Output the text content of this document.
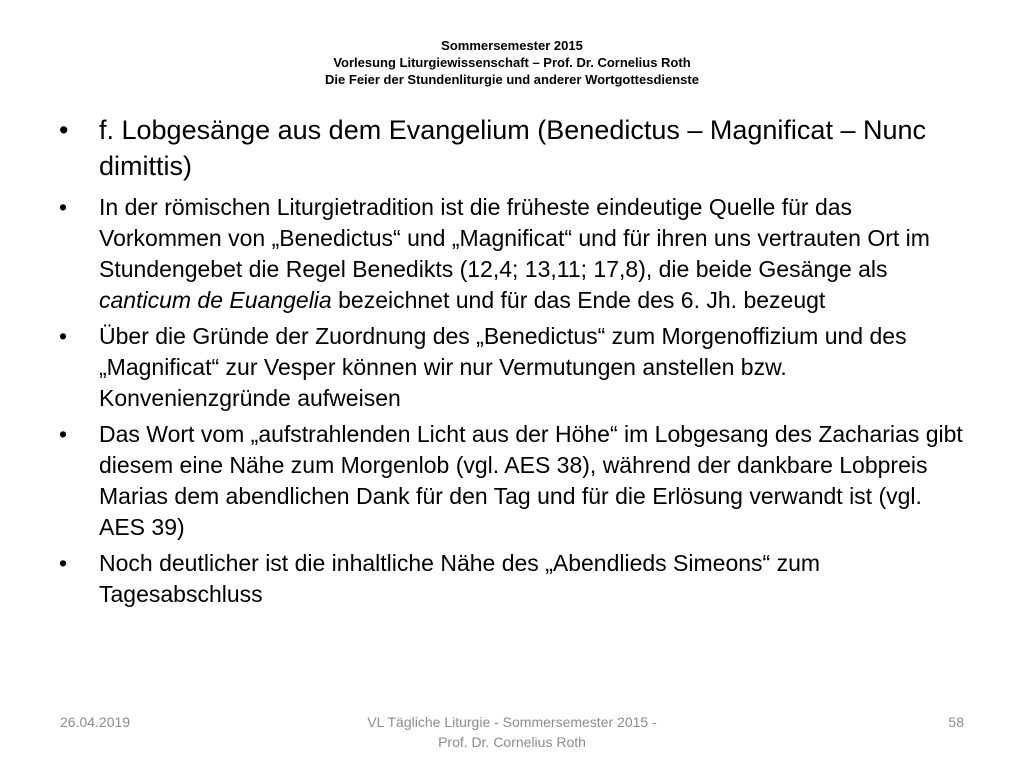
Sommersemester 2015
Vorlesung Liturgiewissenschaft – Prof. Dr. Cornelius Roth
Die Feier der Stundenliturgie und anderer Wortgottesdienste
• f. Lobgesänge aus dem Evangelium (Benedictus – Magnificat – Nunc dimittis)
• In der römischen Liturgietradition ist die früheste eindeutige Quelle für das Vorkommen von „Benedictus“ und „Magnificat“ und für ihren uns vertrauten Ort im Stundengebet die Regel Benedikts (12,4; 13,11; 17,8), die beide Gesänge als canticum de Euangelia bezeichnet und für das Ende des 6. Jh. bezeugt
• Über die Gründe der Zuordnung des „Benedictus“ zum Morgenoffizium und des „Magnificat“ zur Vesper können wir nur Vermutungen anstellen bzw. Konvenienzgründe aufweisen
• Das Wort vom „aufstrahlenden Licht aus der Höhe“ im Lobgesang des Zacharias gibt diesem eine Nähe zum Morgenlob (vgl. AES 38), während der dankbare Lobpreis Marias dem abendlichen Dank für den Tag und für die Erlösung verwandt ist (vgl. AES 39)
• Noch deutlicher ist die inhaltliche Nähe des „Abendlieds Simeons“ zum Tagesabschluss
26.04.2019	VL Tägliche Liturgie - Sommersemester 2015 - Prof. Dr. Cornelius Roth
58
